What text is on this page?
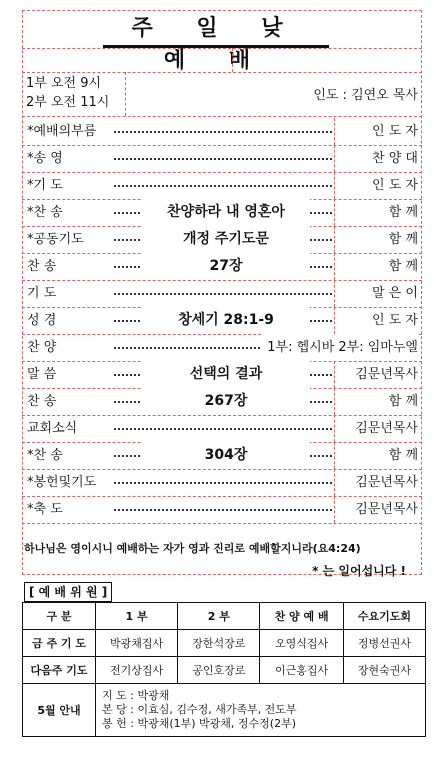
주 일 낮 예 배
1부 오전 9시
2부 오전 11시	인도 : 김연오 목사
*예배의부름	인 도 자
*송 영	찬 양 대
*기 도	인 도 자
*찬 송	찬양하라 내 영혼아	함 께
*공동기도	개정 주기도문	함 께
찬 송	27장	함 께
기 도	말 은 이
성 경	창세기 28:1-9	인 도 자
찬 양	1부: 헵시바 2부: 임마누엘
말 씀	선택의 결과	김문년목사
찬 송	267장	함 께
교회소식	김문년목사
*찬 송	304장	함 께
*봉헌및기도	김문년목사
*축 도	김문년목사
하나님은 영이시니 예배하는 자가 영과 진리로 예배할지니라(요4:24)
* 는 일어섭니다 !
[ 예 배 위 원 ]
구 분	1 부	2 부	찬 양 예 배	수요기도회
금 주 기 도	박광채집사	장한석장로	오영식집사	정병선권사
다음주 기도	전기상집사	공인호장로	이근홍집사	장현숙권사
5월 안내	지 도 : 박광채
본 당 : 이효심, 김수정, 새가족부, 전도부
봉 헌 : 박광채(1부) 박광채, 정수정(2부)			
